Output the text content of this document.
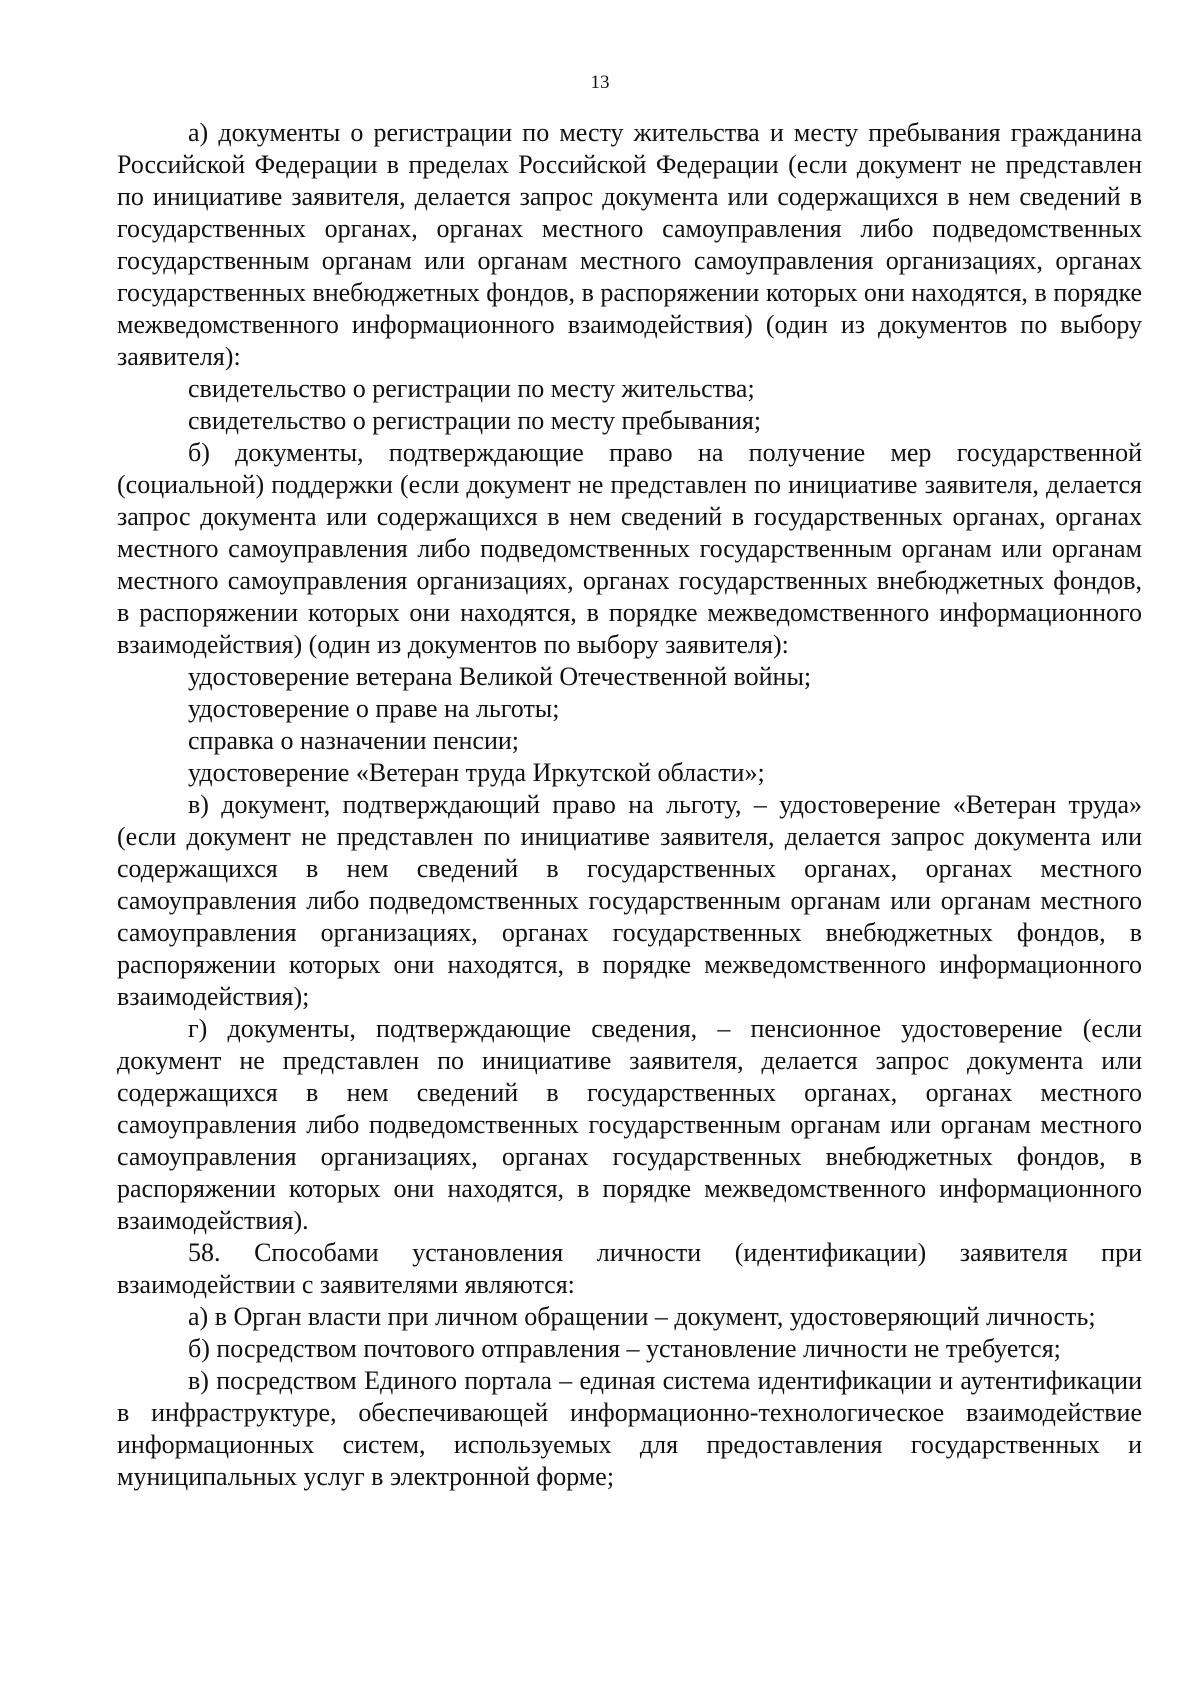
13

а) документы о регистрации по месту жительства и месту пребывания гражданина Российской Федерации в пределах Российской Федерации (если документ не представлен по инициативе заявителя, делается запрос документа или содержащихся в нем сведений в государственных органах, органах местного самоуправления либо подведомственных государственным органам или органам местного самоуправления организациях, органах государственных внебюджетных фондов, в распоряжении которых они находятся, в порядке межведомственного информационного взаимодействия) (один из документов по выбору заявителя):

свидетельство о регистрации по месту жительства;

свидетельство о регистрации по месту пребывания;

б) документы, подтверждающие право на получение мер государственной (социальной) поддержки (если документ не представлен по инициативе заявителя, делается запрос документа или содержащихся в нем сведений в государственных органах, органах местного самоуправления либо подведомственных государственным органам или органам местного самоуправления организациях, органах государственных внебюджетных фондов, в распоряжении которых они находятся, в порядке межведомственного информационного взаимодействия) (один из документов по выбору заявителя):

удостоверение ветерана Великой Отечественной войны;

удостоверение о праве на льготы;

справка о назначении пенсии;

удостоверение «Ветеран труда Иркутской области»;

в) документ, подтверждающий право на льготу, – удостоверение «Ветеран труда» (если документ не представлен по инициативе заявителя, делается запрос документа или содержащихся в нем сведений в государственных органах, органах местного самоуправления либо подведомственных государственным органам или органам местного самоуправления организациях, органах государственных внебюджетных фондов, в распоряжении которых они находятся, в порядке межведомственного информационного взаимодействия);

г) документы, подтверждающие сведения, – пенсионное удостоверение (если документ не представлен по инициативе заявителя, делается запрос документа или содержащихся в нем сведений в государственных органах, органах местного самоуправления либо подведомственных государственным органам или органам местного самоуправления организациях, органах государственных внебюджетных фондов, в распоряжении которых они находятся, в порядке межведомственного информационного взаимодействия).

58. Способами установления личности (идентификации) заявителя при взаимодействии с заявителями являются:

а) в Орган власти при личном обращении – документ, удостоверяющий личность;

б) посредством почтового отправления – установление личности не требуется;

в) посредством Единого портала – единая система идентификации и аутентификации в инфраструктуре, обеспечивающей информационно-технологическое взаимодействие информационных систем, используемых для предоставления государственных и муниципальных услуг в электронной форме;
